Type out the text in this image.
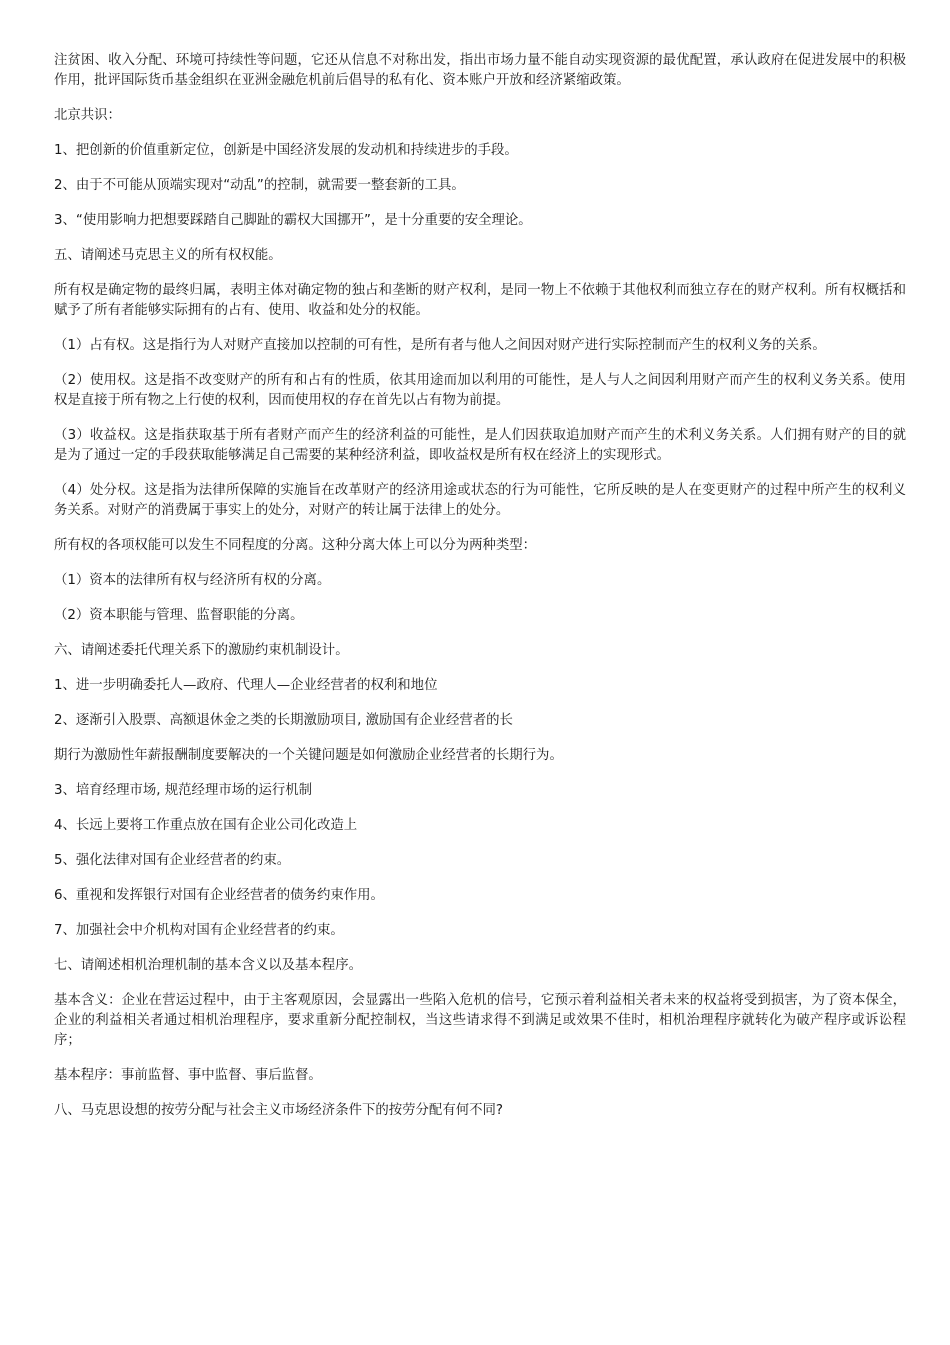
注贫困、收入分配、环境可持续性等问题，它还从信息不对称出发，指出市场力量不能自动实现资源的最优配置，承认政府在促进发展中的积极作用，批评国际货币基金组织在亚洲金融危机前后倡导的私有化、资本账户开放和经济紧缩政策。

北京共识：

1、把创新的价值重新定位，创新是中国经济发展的发动机和持续进步的手段。

2、由于不可能从顶端实现对“动乱”的控制，就需要一整套新的工具。

3、“使用影响力把想要踩踏自己脚趾的霸权大国挪开”，是十分重要的安全理论。

五、请阐述马克思主义的所有权权能。

所有权是确定物的最终归属，表明主体对确定物的独占和垄断的财产权利，是同一物上不依赖于其他权利而独立存在的财产权利。所有权概括和赋予了所有者能够实际拥有的占有、使用、收益和处分的权能。

（1）占有权。这是指行为人对财产直接加以控制的可有性，是所有者与他人之间因对财产进行实际控制而产生的权利义务的关系。

（2）使用权。这是指不改变财产的所有和占有的性质，依其用途而加以利用的可能性，是人与人之间因利用财产而产生的权利义务关系。使用权是直接于所有物之上行使的权利，因而使用权的存在首先以占有物为前提。

（3）收益权。这是指获取基于所有者财产而产生的经济利益的可能性，是人们因获取追加财产而产生的术利义务关系。人们拥有财产的目的就是为了通过一定的手段获取能够满足自己需要的某种经济利益，即收益权是所有权在经济上的实现形式。

（4）处分权。这是指为法律所保障的实施旨在改革财产的经济用途或状态的行为可能性，它所反映的是人在变更财产的过程中所产生的权利义务关系。对财产的消费属于事实上的处分，对财产的转让属于法律上的处分。

所有权的各项权能可以发生不同程度的分离。这种分离大体上可以分为两种类型：

（1）资本的法律所有权与经济所有权的分离。

（2）资本职能与管理、监督职能的分离。

六、请阐述委托代理关系下的激励约束机制设计。

1、进一步明确委托人—政府、代理人—企业经营者的权利和地位

2、逐渐引入股票、高额退休金之类的长期激励项目, 激励国有企业经营者的长

期行为激励性年薪报酬制度要解决的一个关键问题是如何激励企业经营者的长期行为。

3、培育经理市场, 规范经理市场的运行机制

4、长远上要将工作重点放在国有企业公司化改造上

5、强化法律对国有企业经营者的约束。

6、重视和发挥银行对国有企业经营者的债务约束作用。

7、加强社会中介机构对国有企业经营者的约束。

七、请阐述相机治理机制的基本含义以及基本程序。

基本含义：企业在营运过程中，由于主客观原因，会显露出一些陷入危机的信号，它预示着利益相关者未来的权益将受到损害，为了资本保全，企业的利益相关者通过相机治理程序，要求重新分配控制权，当这些请求得不到满足或效果不佳时，相机治理程序就转化为破产程序或诉讼程序；

基本程序：事前监督、事中监督、事后监督。

八、马克思设想的按劳分配与社会主义市场经济条件下的按劳分配有何不同?
